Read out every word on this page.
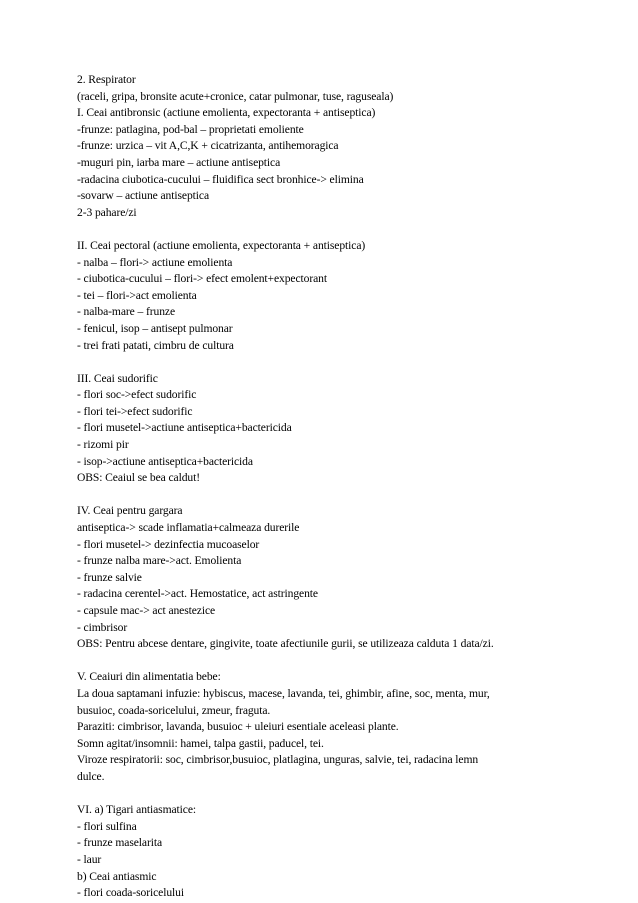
2. Respirator
(raceli, gripa, bronsite acute+cronice, catar pulmonar, tuse, raguseala)
I. Ceai antibronsic (actiune emolienta, expectoranta + antiseptica)
-frunze: patlagina, pod-bal – proprietati emoliente
-frunze: urzica – vit A,C,K + cicatrizanta, antihemoragica
-muguri pin, iarba mare – actiune antiseptica
-radacina ciubotica-cucului – fluidifica sect bronhice-> elimina
-sovarw – actiune antiseptica
2-3 pahare/zi
II. Ceai pectoral (actiune emolienta, expectoranta + antiseptica)
- nalba – flori-> actiune emolienta
- ciubotica-cucului – flori-> efect emolent+expectorant
- tei – flori->act emolienta
- nalba-mare – frunze
- fenicul, isop – antisept pulmonar
- trei frati patati, cimbru de cultura
III. Ceai sudorific
- flori soc->efect sudorific
- flori tei->efect sudorific
- flori musetel->actiune antiseptica+bactericida
- rizomi pir
- isop->actiune antiseptica+bactericida
OBS: Ceaiul se bea caldut!
IV. Ceai pentru gargara
antiseptica-> scade inflamatia+calmeaza durerile
- flori musetel-> dezinfectia mucoaselor
- frunze nalba mare->act. Emolienta
- frunze salvie
- radacina cerentel->act. Hemostatice, act astringente
- capsule mac-> act anestezice
- cimbrisor
OBS: Pentru abcese dentare, gingivite, toate afectiunile gurii, se utilizeaza calduta 1 data/zi.
V. Ceaiuri din alimentatia bebe:
La doua saptamani infuzie: hybiscus, macese, lavanda, tei, ghimbir, afine, soc, menta, mur,
busuioc, coada-soricelului, zmeur, fraguta.
Paraziti: cimbrisor, lavanda, busuioc + uleiuri esentiale aceleasi plante.
Somn agitat/insomnii: hamei, talpa gastii, paducel, tei.
Viroze respiratorii: soc, cimbrisor,busuioc, platlagina, unguras, salvie, tei, radacina lemn
dulce.
VI. a) Tigari antiasmatice:
- flori sulfina
- frunze maselarita
- laur
b) Ceai antiasmic
- flori coada-soricelului
